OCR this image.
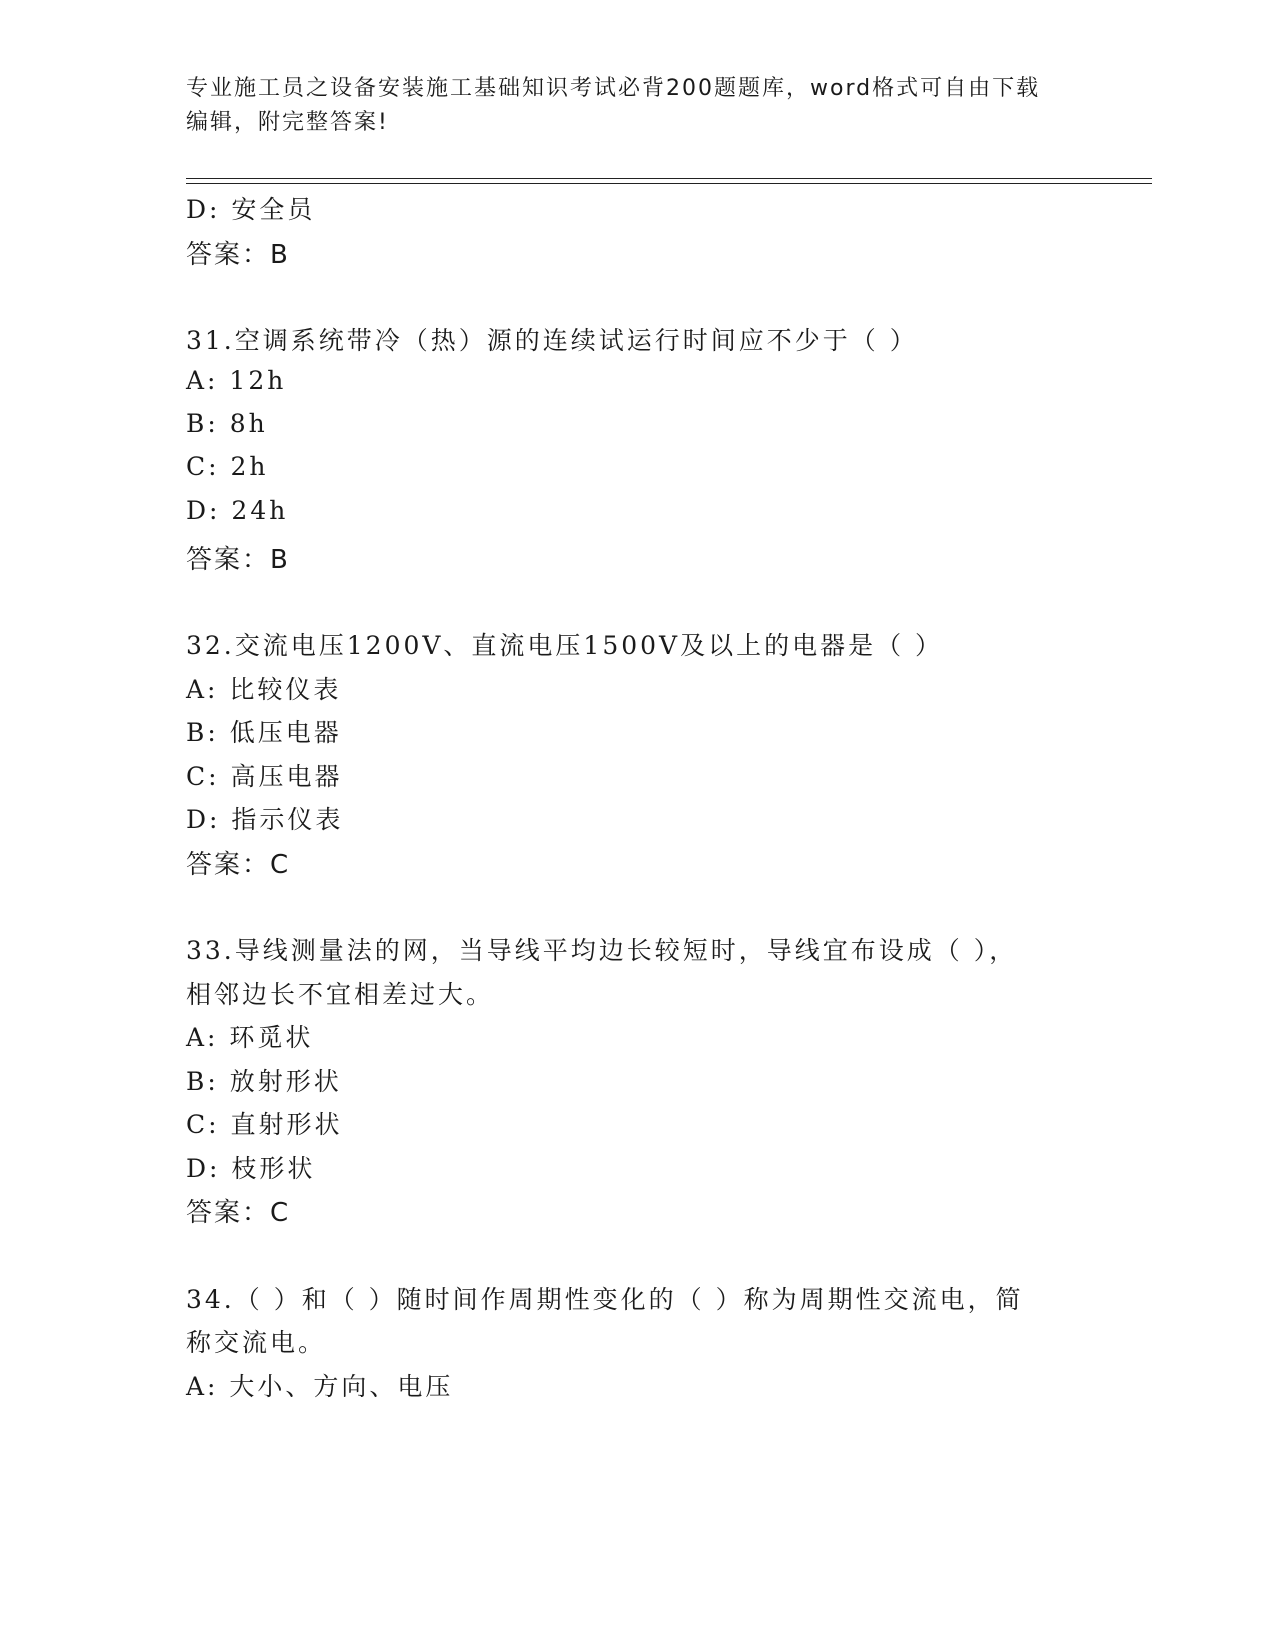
专业施工员之设备安装施工基础知识考试必背200题题库，word格式可自由下载
编辑，附完整答案!
D: 安全员
答案：B
31.空调系统带冷（热）源的连续试运行时间应不少于（ ）
A: 12h
B: 8h
C: 2h
D: 24h
答案：B
32.交流电压1200V、直流电压1500V及以上的电器是（ ）
A: 比较仪表
B: 低压电器
C: 高压电器
D: 指示仪表
答案：C
33.导线测量法的网，当导线平均边长较短时，导线宜布设成（ ），
相邻边长不宜相差过大。
A: 环觅状
B: 放射形状
C: 直射形状
D: 枝形状
答案：C
34.（ ）和（ ）随时间作周期性变化的（ ）称为周期性交流电，简
称交流电。
A: 大小、方向、电压
